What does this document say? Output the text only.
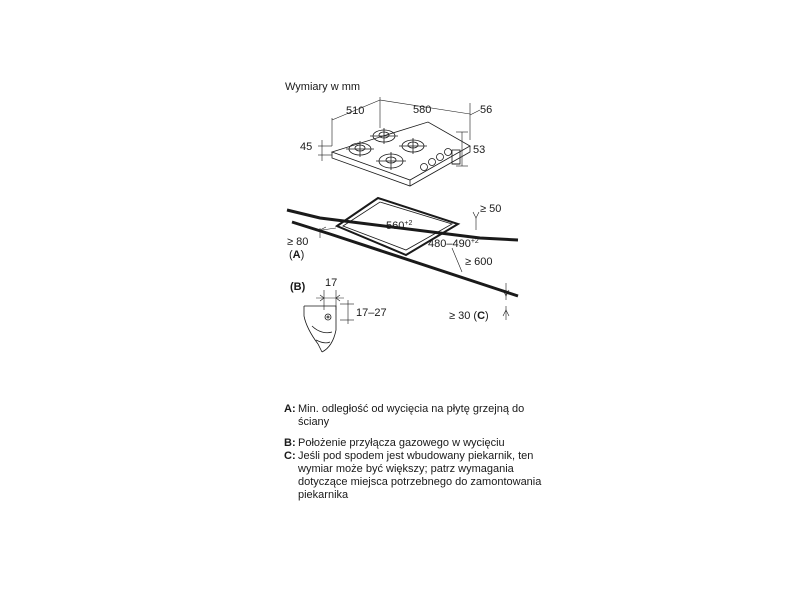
Wymiary w mm
510	580	56
45	53
$560^{+2}$
$480-490^{+2}$
≥ 50
≥ 600
≥ 80
(A)
≥ 30 (C)
(B) 17
17–27
A: Min. odległość od wycięcia na płytę grzejną do ściany
B: Położenie przyłącza gazowego w wycięciu
C: Jeśli pod spodem jest wbudowany piekarnik, ten wymiar może być większy; patrz wymagania dotyczące miejsca potrzebnego do zamontowania piekarnika
